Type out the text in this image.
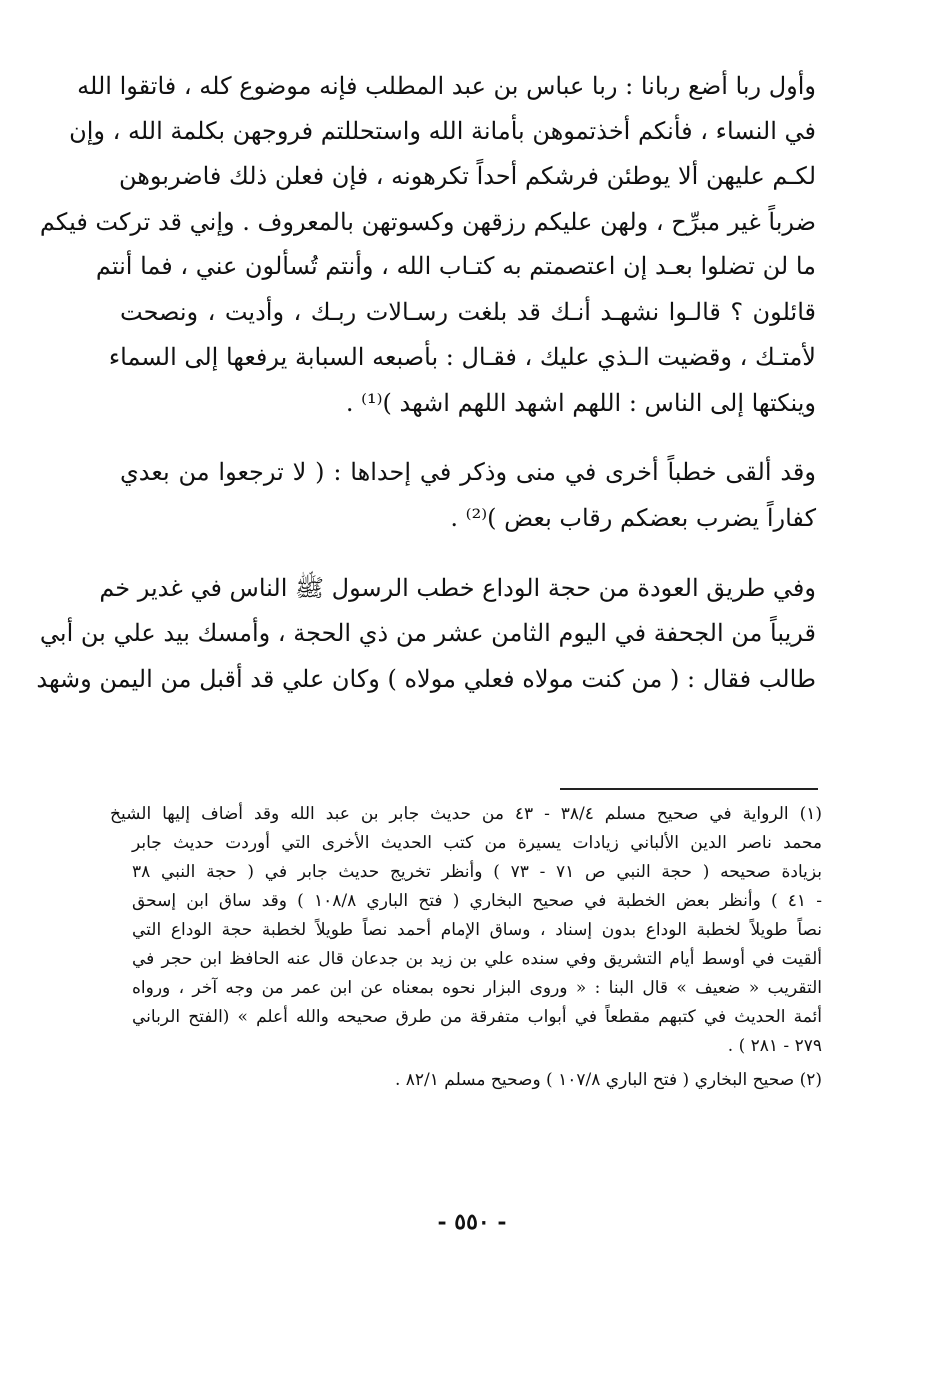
وأول ربا أضع ربانا : ربا عباس بن عبد المطلب فإنه موضوع كله ، فاتقوا الله
في النساء ، فأنكم أخذتموهن بأمانة الله واستحللتم فروجهن بكلمة الله ، وإن
لكـم عليهن ألا يوطئن فرشكم أحداً تكرهونه ، فإن فعلن ذلك فاضربوهن
ضرباً غير مبرِّح ، ولهن عليكم رزقهن وكسوتهن بالمعروف . وإني قد تركت فيكم
ما لن تضلوا بعـد إن اعتصمتم به كتـاب الله ، وأنتم تُسألون عني ، فما أنتم
قائلون ؟ قالـوا نشهـد أنـك قد بلغت رسـالات ربـك ، وأديت ، ونصحت
لأمتـك ، وقضيت الـذي عليك ، فقـال : بأصبعه السبابة يرفعها إلى السماء
وينكتها إلى الناس : اللهم اشهد اللهم اشهد )⁽¹⁾ .
وقد ألقى خطباً أخرى في منى وذكر في إحداها : ( لا ترجعوا من بعدي
كفاراً يضرب بعضكم رقاب بعض )⁽²⁾ .
وفي طريق العودة من حجة الوداع خطب الرسول ﷺ الناس في غدير خم
قريباً من الجحفة في اليوم الثامن عشر من ذي الحجة ، وأمسك بيد علي بن أبي
طالب فقال : ( من كنت مولاه فعلي مولاه ) وكان علي قد أقبل من اليمن وشهد
(١) الرواية في صحيح مسلم ٣٨/٤ - ٤٣ من حديث جابر بن عبد الله وقد أضاف إليها الشيخ
محمد ناصر الدين الألباني زيادات يسيرة من كتب الحديث الأخرى التي أوردت حديث جابر
بزيادة صحيحه ( حجة النبي ص ٧١ - ٧٣ ) وأنظر تخريج حديث جابر في ( حجة النبي ٣٨
- ٤١ ) وأنظر بعض الخطبة في صحيح البخاري ( فتح الباري ١٠٨/٨ ) وقد ساق ابن إسحق
نصاً طويلاً لخطبة الوداع بدون إسناد ، وساق الإمام أحمد نصاً طويلاً لخطبة حجة الوداع التي
ألقيت في أوسط أيام التشريق وفي سنده علي بن زيد بن جدعان قال عنه الحافظ ابن حجر في
التقريب « ضعيف » قال البنا : « وروى البزار نحوه بمعناه عن ابن عمر من وجه آخر ، ورواه
أئمة الحديث في كتبهم مقطعاً في أبواب متفرقة من طرق صحيحه والله أعلم » (الفتح الرباني
٢٧٩ - ٢٨١ ) .
(٢) صحيح البخاري ( فتح الباري ١٠٧/٨ ) وصحيح مسلم ٨٢/١ .
- ٥٥٠ -
